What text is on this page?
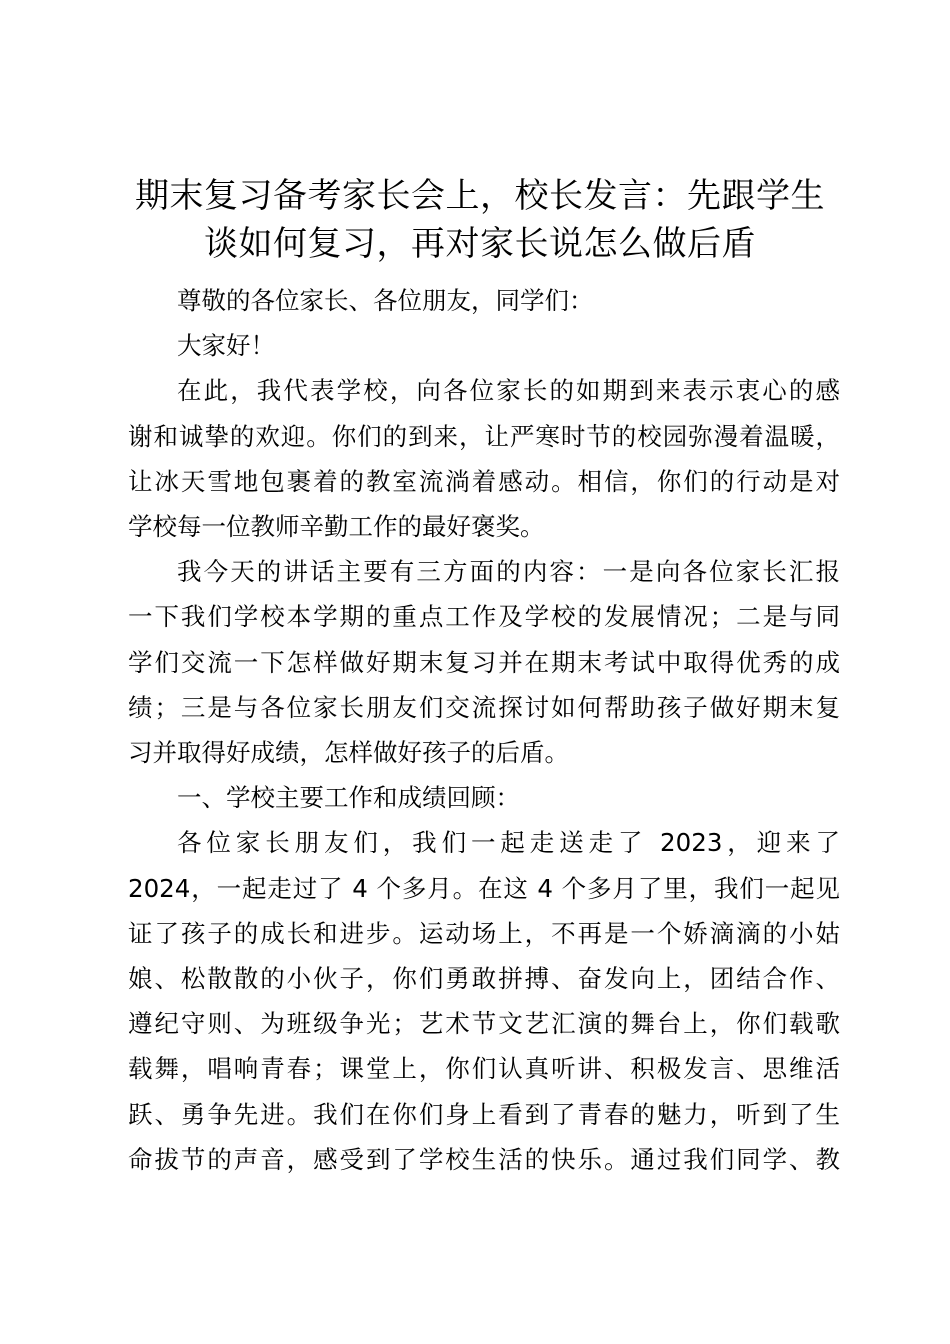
期末复习备考家长会上，校长发言：先跟学生
谈如何复习，再对家长说怎么做后盾
尊敬的各位家长、各位朋友，同学们：
大家好！
在此，我代表学校，向各位家长的如期到来表示衷心的感
谢和诚挚的欢迎。你们的到来，让严寒时节的校园弥漫着温暖，
让冰天雪地包裹着的教室流淌着感动。相信，你们的行动是对
学校每一位教师辛勤工作的最好褒奖。
我今天的讲话主要有三方面的内容：一是向各位家长汇报
一下我们学校本学期的重点工作及学校的发展情况；二是与同
学们交流一下怎样做好期末复习并在期末考试中取得优秀的成
绩；三是与各位家长朋友们交流探讨如何帮助孩子做好期末复
习并取得好成绩，怎样做好孩子的后盾。
一、学校主要工作和成绩回顾：
各位家长朋友们，我们一起走送走了 2023，迎来了
2024，一起走过了 4 个多月。在这 4 个多月了里，我们一起见
证了孩子的成长和进步。运动场上，不再是一个娇滴滴的小姑
娘、松散散的小伙子，你们勇敢拼搏、奋发向上，团结合作、
遵纪守则、为班级争光；艺术节文艺汇演的舞台上，你们载歌
载舞，唱响青春；课堂上，你们认真听讲、积极发言、思维活
跃、勇争先进。我们在你们身上看到了青春的魅力，听到了生
命拔节的声音，感受到了学校生活的快乐。通过我们同学、教
